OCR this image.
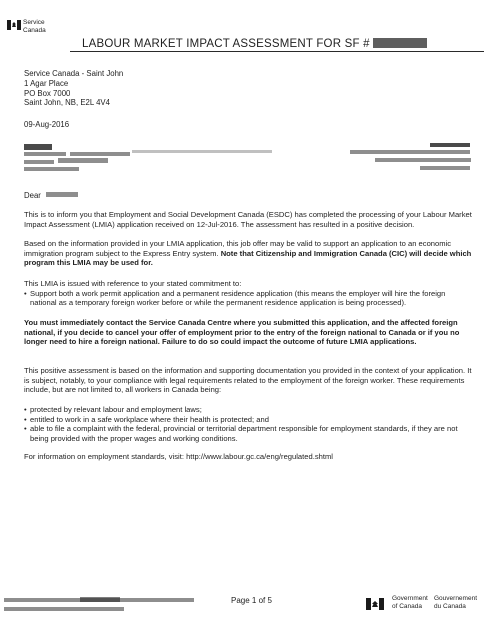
Service
Canada
LABOUR MARKET IMPACT ASSESSMENT FOR SF #
Service Canada - Saint John
1 Agar Place
PO Box 7000
Saint John, NB, E2L 4V4
09-Aug-2016
Dear

This is to inform you that Employment and Social Development Canada (ESDC) has completed the processing of your Labour Market Impact Assessment (LMIA) application received on 12-Jul-2016. The assessment has resulted in a positive decision.

Based on the information provided in your LMIA application, this job offer may be valid to support an application to an economic immigration program subject to the Express Entry system. Note that Citizenship and Immigration Canada (CIC) will decide which program this LMIA may be used for.

This LMIA is issued with reference to your stated commitment to:
• Support both a work permit application and a permanent residence application (this means the employer will hire the foreign national as a temporary foreign worker before or while the permanent residence application is being processed).

You must immediately contact the Service Canada Centre where you submitted this application, and the affected foreign national, if you decide to cancel your offer of employment prior to the entry of the foreign national to Canada or if you no longer need to hire a foreign national. Failure to do so could impact the outcome of future LMIA applications.

This positive assessment is based on the information and supporting documentation you provided in the context of your application. It is subject, notably, to your compliance with legal requirements related to the employment of the foreign worker. These requirements include, but are not limited to, all workers in Canada being:

• protected by relevant labour and employment laws;
• entitled to work in a safe workplace where their health is protected; and
• able to file a complaint with the federal, provincial or territorial department responsible for employment standards, if they are not being provided with the proper wages and working conditions.

For information on employment standards, visit: http://www.labour.gc.ca/eng/regulated.shtml

Page 1 of 5	Government
of Canada
Gouvernement
du Canada
